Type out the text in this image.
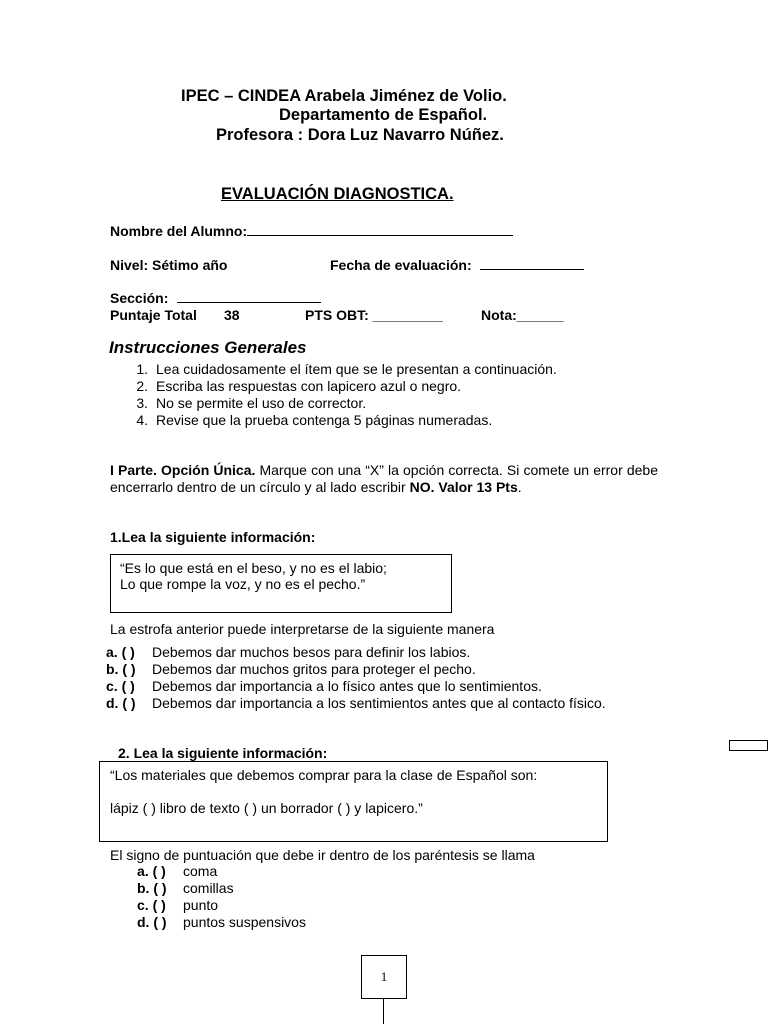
IPEC – CINDEA Arabela Jiménez de Volio.
Departamento de Español.
Profesora : Dora Luz Navarro Núñez.
EVALUACIÓN DIAGNOSTICA.
Nombre del Alumno:
Nivel: Sétimo año	Fecha de evaluación:
Sección:
Puntaje Total 38	PTS OBT: _________	Nota:______
Instrucciones Generales
1. Lea cuidadosamente el ítem que se le presentan a continuación.
2. Escriba las respuestas con lapicero azul o negro.
3. No se permite el uso de corrector.
4. Revise que la prueba contenga 5 páginas numeradas.
I Parte. Opción Única. Marque con una “X” la opción correcta. Si comete un error debe encerrarlo dentro de un círculo y al lado escribir NO. Valor 13 Pts.
1.Lea la siguiente información:
“Es lo que está en el beso, y no es el labio;
Lo que rompe la voz, y no es el pecho.”
La estrofa anterior puede interpretarse de la siguiente manera
a. ( ) Debemos dar muchos besos para definir los labios.
b. ( ) Debemos dar muchos gritos para proteger el pecho.
c. ( ) Debemos dar importancia a lo físico antes que lo sentimientos.
d. ( ) Debemos dar importancia a los sentimientos antes que al contacto físico.
2. Lea la siguiente información:
“Los materiales que debemos comprar para la clase de Español son:
lápiz ( ) libro de texto ( ) un borrador ( ) y lapicero.”
El signo de puntuación que debe ir dentro de los paréntesis se llama
a. ( ) coma
b. ( ) comillas
c. ( ) punto
d. ( ) puntos suspensivos
1
